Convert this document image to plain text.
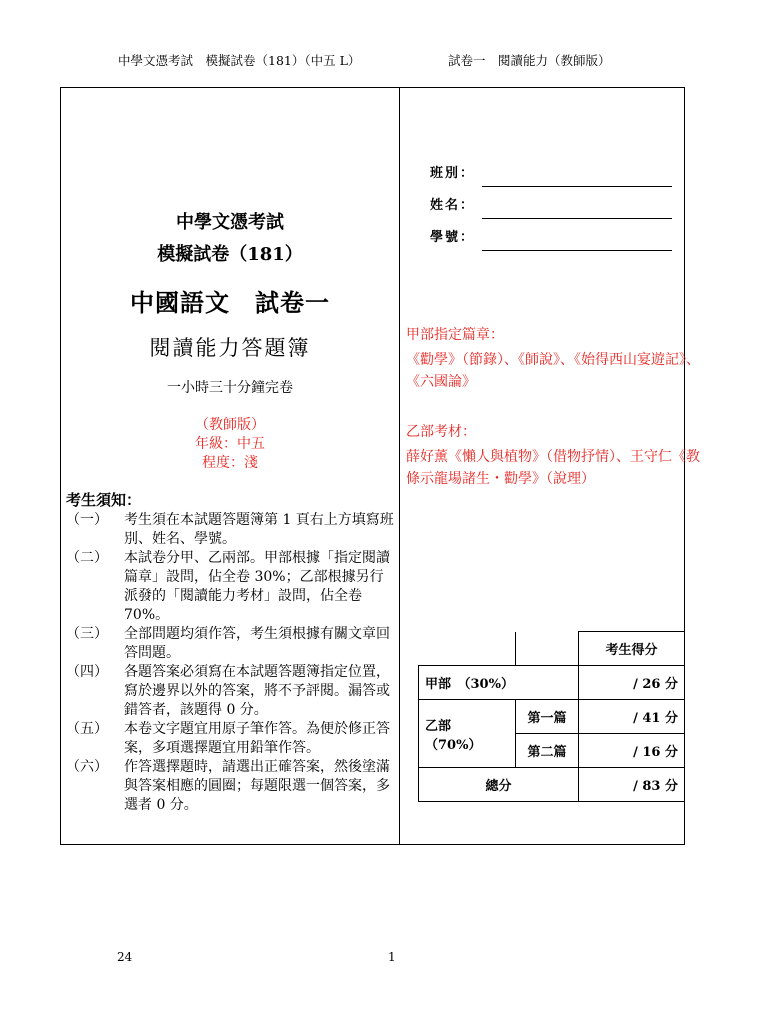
中學文憑考試　模擬試卷（181）（中五 L）	試卷一　閱讀能力（教師版）
中學文憑考試
模擬試卷（181）
中國語文　試卷一
閱讀能力答題簿
一小時三十分鐘完卷
（教師版）
年級：中五
程度：淺
考生須知：
（一）	考生須在本試題答題簿第 1 頁右上方填寫班別、姓名、學號。
（二）	本試卷分甲、乙兩部。甲部根據「指定閱讀篇章」設問，佔全卷 30%；乙部根據另行派發的「閱讀能力考材」設問，佔全卷 70%。
（三）	全部問題均須作答，考生須根據有關文章回答問題。
（四）	各題答案必須寫在本試題答題簿指定位置，寫於邊界以外的答案，將不予評閱。漏答或錯答者，該題得 0 分。
（五）	本卷文字題宜用原子筆作答。為便於修正答案，多項選擇題宜用鉛筆作答。
（六）	作答選擇題時，請選出正確答案，然後塗滿與答案相應的圓圈；每題限選一個答案，多選者 0 分。
班別：
姓名：
學號：
甲部指定篇章：
《勸學》（節錄）、《師說》、《始得西山宴遊記》、《六國論》
乙部考材：
薛好薰《懶人與植物》（借物抒情）、王守仁《教條示龍場諸生・勸學》（說理）
		考生得分
甲部　（30%）		/ 26 分

乙部
（70%）	第一篇	/ 41 分
	第二篇	/ 16 分
總分		/ 83 分
24	1
